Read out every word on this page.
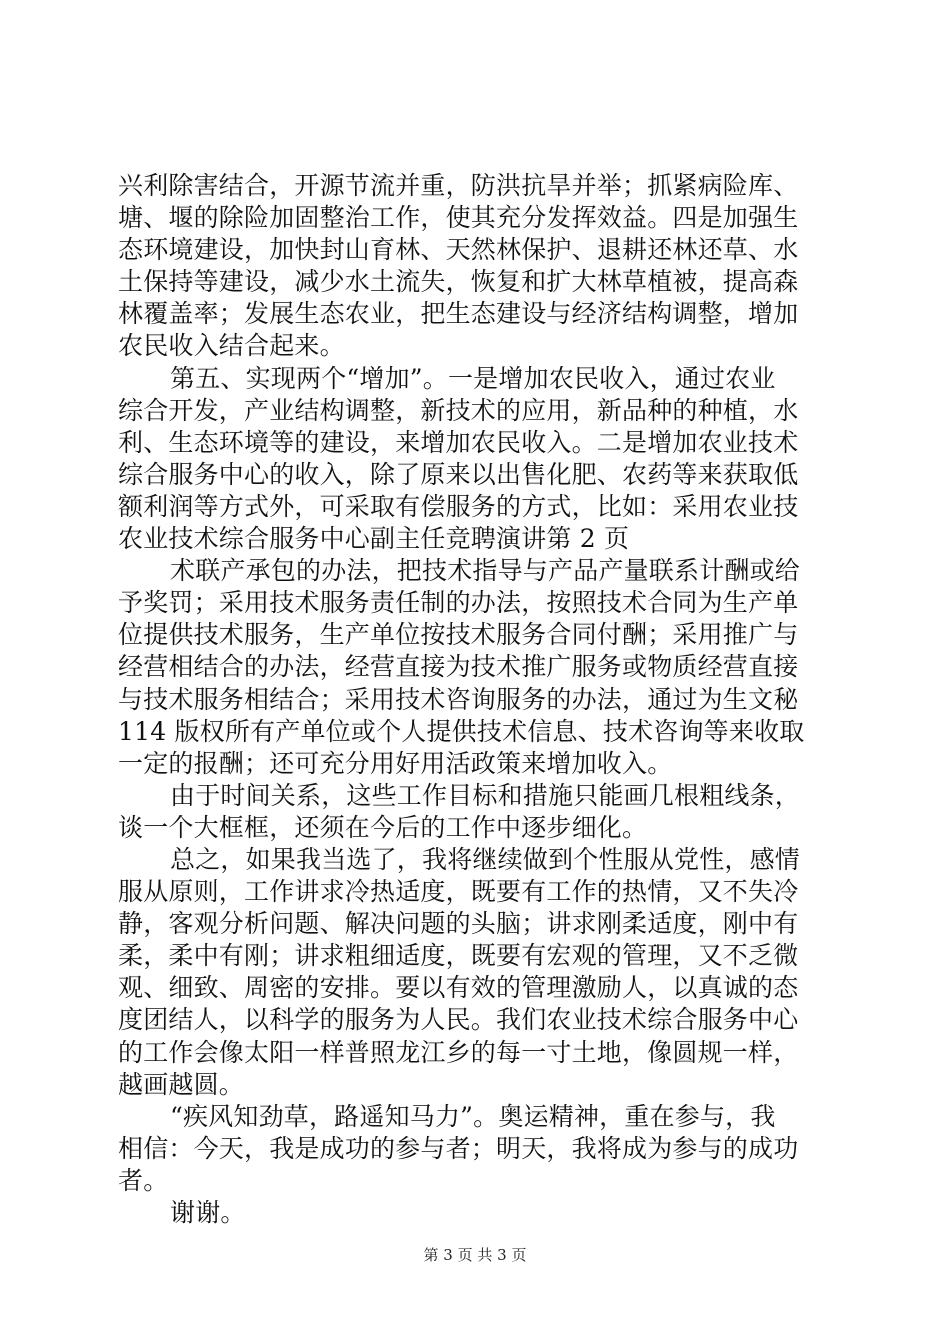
兴利除害结合，开源节流并重，防洪抗旱并举；抓紧病险库、
塘、堰的除险加固整治工作，使其充分发挥效益。四是加强生
态环境建设，加快封山育林、天然林保护、退耕还林还草、水
土保持等建设，减少水土流失，恢复和扩大林草植被，提高森
林覆盖率；发展生态农业，把生态建设与经济结构调整，增加
农民收入结合起来。
第五、实现两个“增加”。一是增加农民收入，通过农业
综合开发，产业结构调整，新技术的应用，新品种的种植，水
利、生态环境等的建设，来增加农民收入。二是增加农业技术
综合服务中心的收入，除了原来以出售化肥、农药等来获取低
额利润等方式外，可采取有偿服务的方式，比如：采用农业技
农业技术综合服务中心副主任竞聘演讲第 2 页
术联产承包的办法，把技术指导与产品产量联系计酬或给
予奖罚；采用技术服务责任制的办法，按照技术合同为生产单
位提供技术服务，生产单位按技术服务合同付酬；采用推广与
经营相结合的办法，经营直接为技术推广服务或物质经营直接
与技术服务相结合；采用技术咨询服务的办法，通过为生文秘
114 版权所有产单位或个人提供技术信息、技术咨询等来收取
一定的报酬；还可充分用好用活政策来增加收入。
由于时间关系，这些工作目标和措施只能画几根粗线条，
谈一个大框框，还须在今后的工作中逐步细化。
总之，如果我当选了，我将继续做到个性服从党性，感情
服从原则，工作讲求冷热适度，既要有工作的热情，又不失冷
静，客观分析问题、解决问题的头脑；讲求刚柔适度，刚中有
柔，柔中有刚；讲求粗细适度，既要有宏观的管理，又不乏微
观、细致、周密的安排。要以有效的管理激励人，以真诚的态
度团结人，以科学的服务为人民。我们农业技术综合服务中心
的工作会像太阳一样普照龙江乡的每一寸土地，像圆规一样，
越画越圆。
“疾风知劲草，路遥知马力”。奥运精神，重在参与，我
相信：今天，我是成功的参与者；明天，我将成为参与的成功
者。
谢谢。
第 3 页 共 3 页
